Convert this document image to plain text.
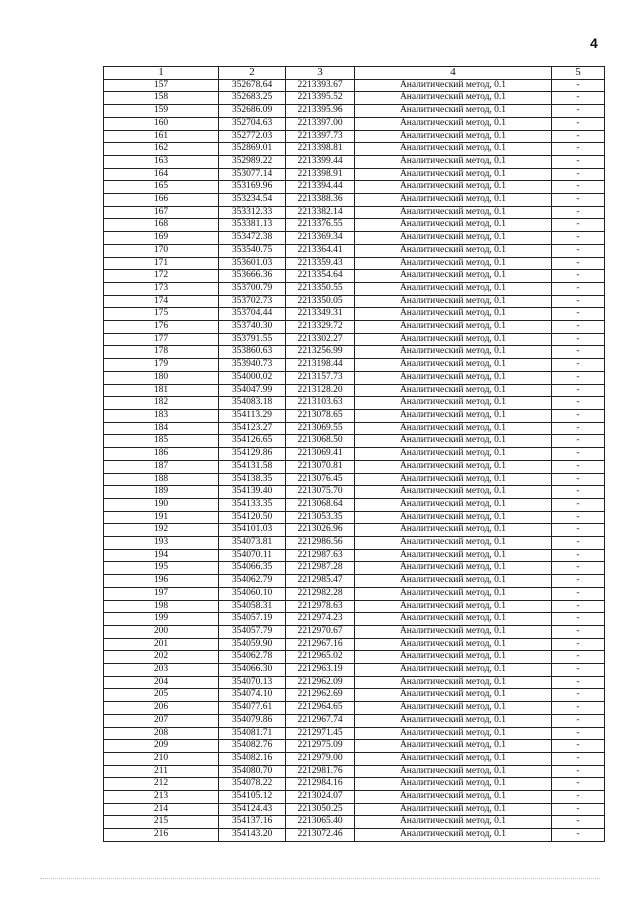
4
1	2	3	4	5
157	352678.64	2213393.67	Аналитический метод, 0.1	-
158	352683.25	2213395.52	Аналитический метод, 0.1	-
159	352686.09	2213395.96	Аналитический метод, 0.1	-
160	352704.63	2213397.00	Аналитический метод, 0.1	-
161	352772.03	2213397.73	Аналитический метод, 0.1	-
162	352869.01	2213398.81	Аналитический метод, 0.1	-
163	352989.22	2213399.44	Аналитический метод, 0.1	-
164	353077.14	2213398.91	Аналитический метод, 0.1	-
165	353169.96	2213394.44	Аналитический метод, 0.1	-
166	353234.54	2213388.36	Аналитический метод, 0.1	-
167	353312.33	2213382.14	Аналитический метод, 0.1	-
168	353381.13	2213376.55	Аналитический метод, 0.1	-
169	353472.38	2213369.34	Аналитический метод, 0.1	-
170	353540.75	2213364.41	Аналитический метод, 0.1	-
171	353601.03	2213359.43	Аналитический метод, 0.1	-
172	353666.36	2213354.64	Аналитический метод, 0.1	-
173	353700.79	2213350.55	Аналитический метод, 0.1	-
174	353702.73	2213350.05	Аналитический метод, 0.1	-
175	353704.44	2213349.31	Аналитический метод, 0.1	-
176	353740.30	2213329.72	Аналитический метод, 0.1	-
177	353791.55	2213302.27	Аналитический метод, 0.1	-
178	353860.63	2213256.99	Аналитический метод, 0.1	-
179	353940.73	2213198.44	Аналитический метод, 0.1	-
180	354000.02	2213157.73	Аналитический метод, 0.1	-
181	354047.99	2213128.20	Аналитический метод, 0.1	-
182	354083.18	2213103.63	Аналитический метод, 0.1	-
183	354113.29	2213078.65	Аналитический метод, 0.1	-
184	354123.27	2213069.55	Аналитический метод, 0.1	-
185	354126.65	2213068.50	Аналитический метод, 0.1	-
186	354129.86	2213069.41	Аналитический метод, 0.1	-
187	354131.58	2213070.81	Аналитический метод, 0.1	-
188	354138.35	2213076.45	Аналитический метод, 0.1	-
189	354139.40	2213075.70	Аналитический метод, 0.1	-
190	354133.35	2213068.64	Аналитический метод, 0.1	-
191	354120.50	2213053.35	Аналитический метод, 0.1	-
192	354101.03	2213026.96	Аналитический метод, 0.1	-
193	354073.81	2212986.56	Аналитический метод, 0.1	-
194	354070.11	2212987.63	Аналитический метод, 0.1	-
195	354066.35	2212987.28	Аналитический метод, 0.1	-
196	354062.79	2212985.47	Аналитический метод, 0.1	-
197	354060.10	2212982.28	Аналитический метод, 0.1	-
198	354058.31	2212978.63	Аналитический метод, 0.1	-
199	354057.19	2212974.23	Аналитический метод, 0.1	-
200	354057.79	2212970.67	Аналитический метод, 0.1	-
201	354059.90	2212967.16	Аналитический метод, 0.1	-
202	354062.78	2212965.02	Аналитический метод, 0.1	-
203	354066.30	2212963.19	Аналитический метод, 0.1	-
204	354070.13	2212962.09	Аналитический метод, 0.1	-
205	354074.10	2212962.69	Аналитический метод, 0.1	-
206	354077.61	2212964.65	Аналитический метод, 0.1	-
207	354079.86	2212967.74	Аналитический метод, 0.1	-
208	354081.71	2212971.45	Аналитический метод, 0.1	-
209	354082.76	2212975.09	Аналитический метод, 0.1	-
210	354082.16	2212979.00	Аналитический метод, 0.1	-
211	354080.70	2212981.76	Аналитический метод, 0.1	-
212	354078.22	2212984.16	Аналитический метод, 0.1	-
213	354105.12	2213024.07	Аналитический метод, 0.1	-
214	354124.43	2213050.25	Аналитический метод, 0.1	-
215	354137.16	2213065.40	Аналитический метод, 0.1	-
216	354143.20	2213072.46	Аналитический метод, 0.1	-
